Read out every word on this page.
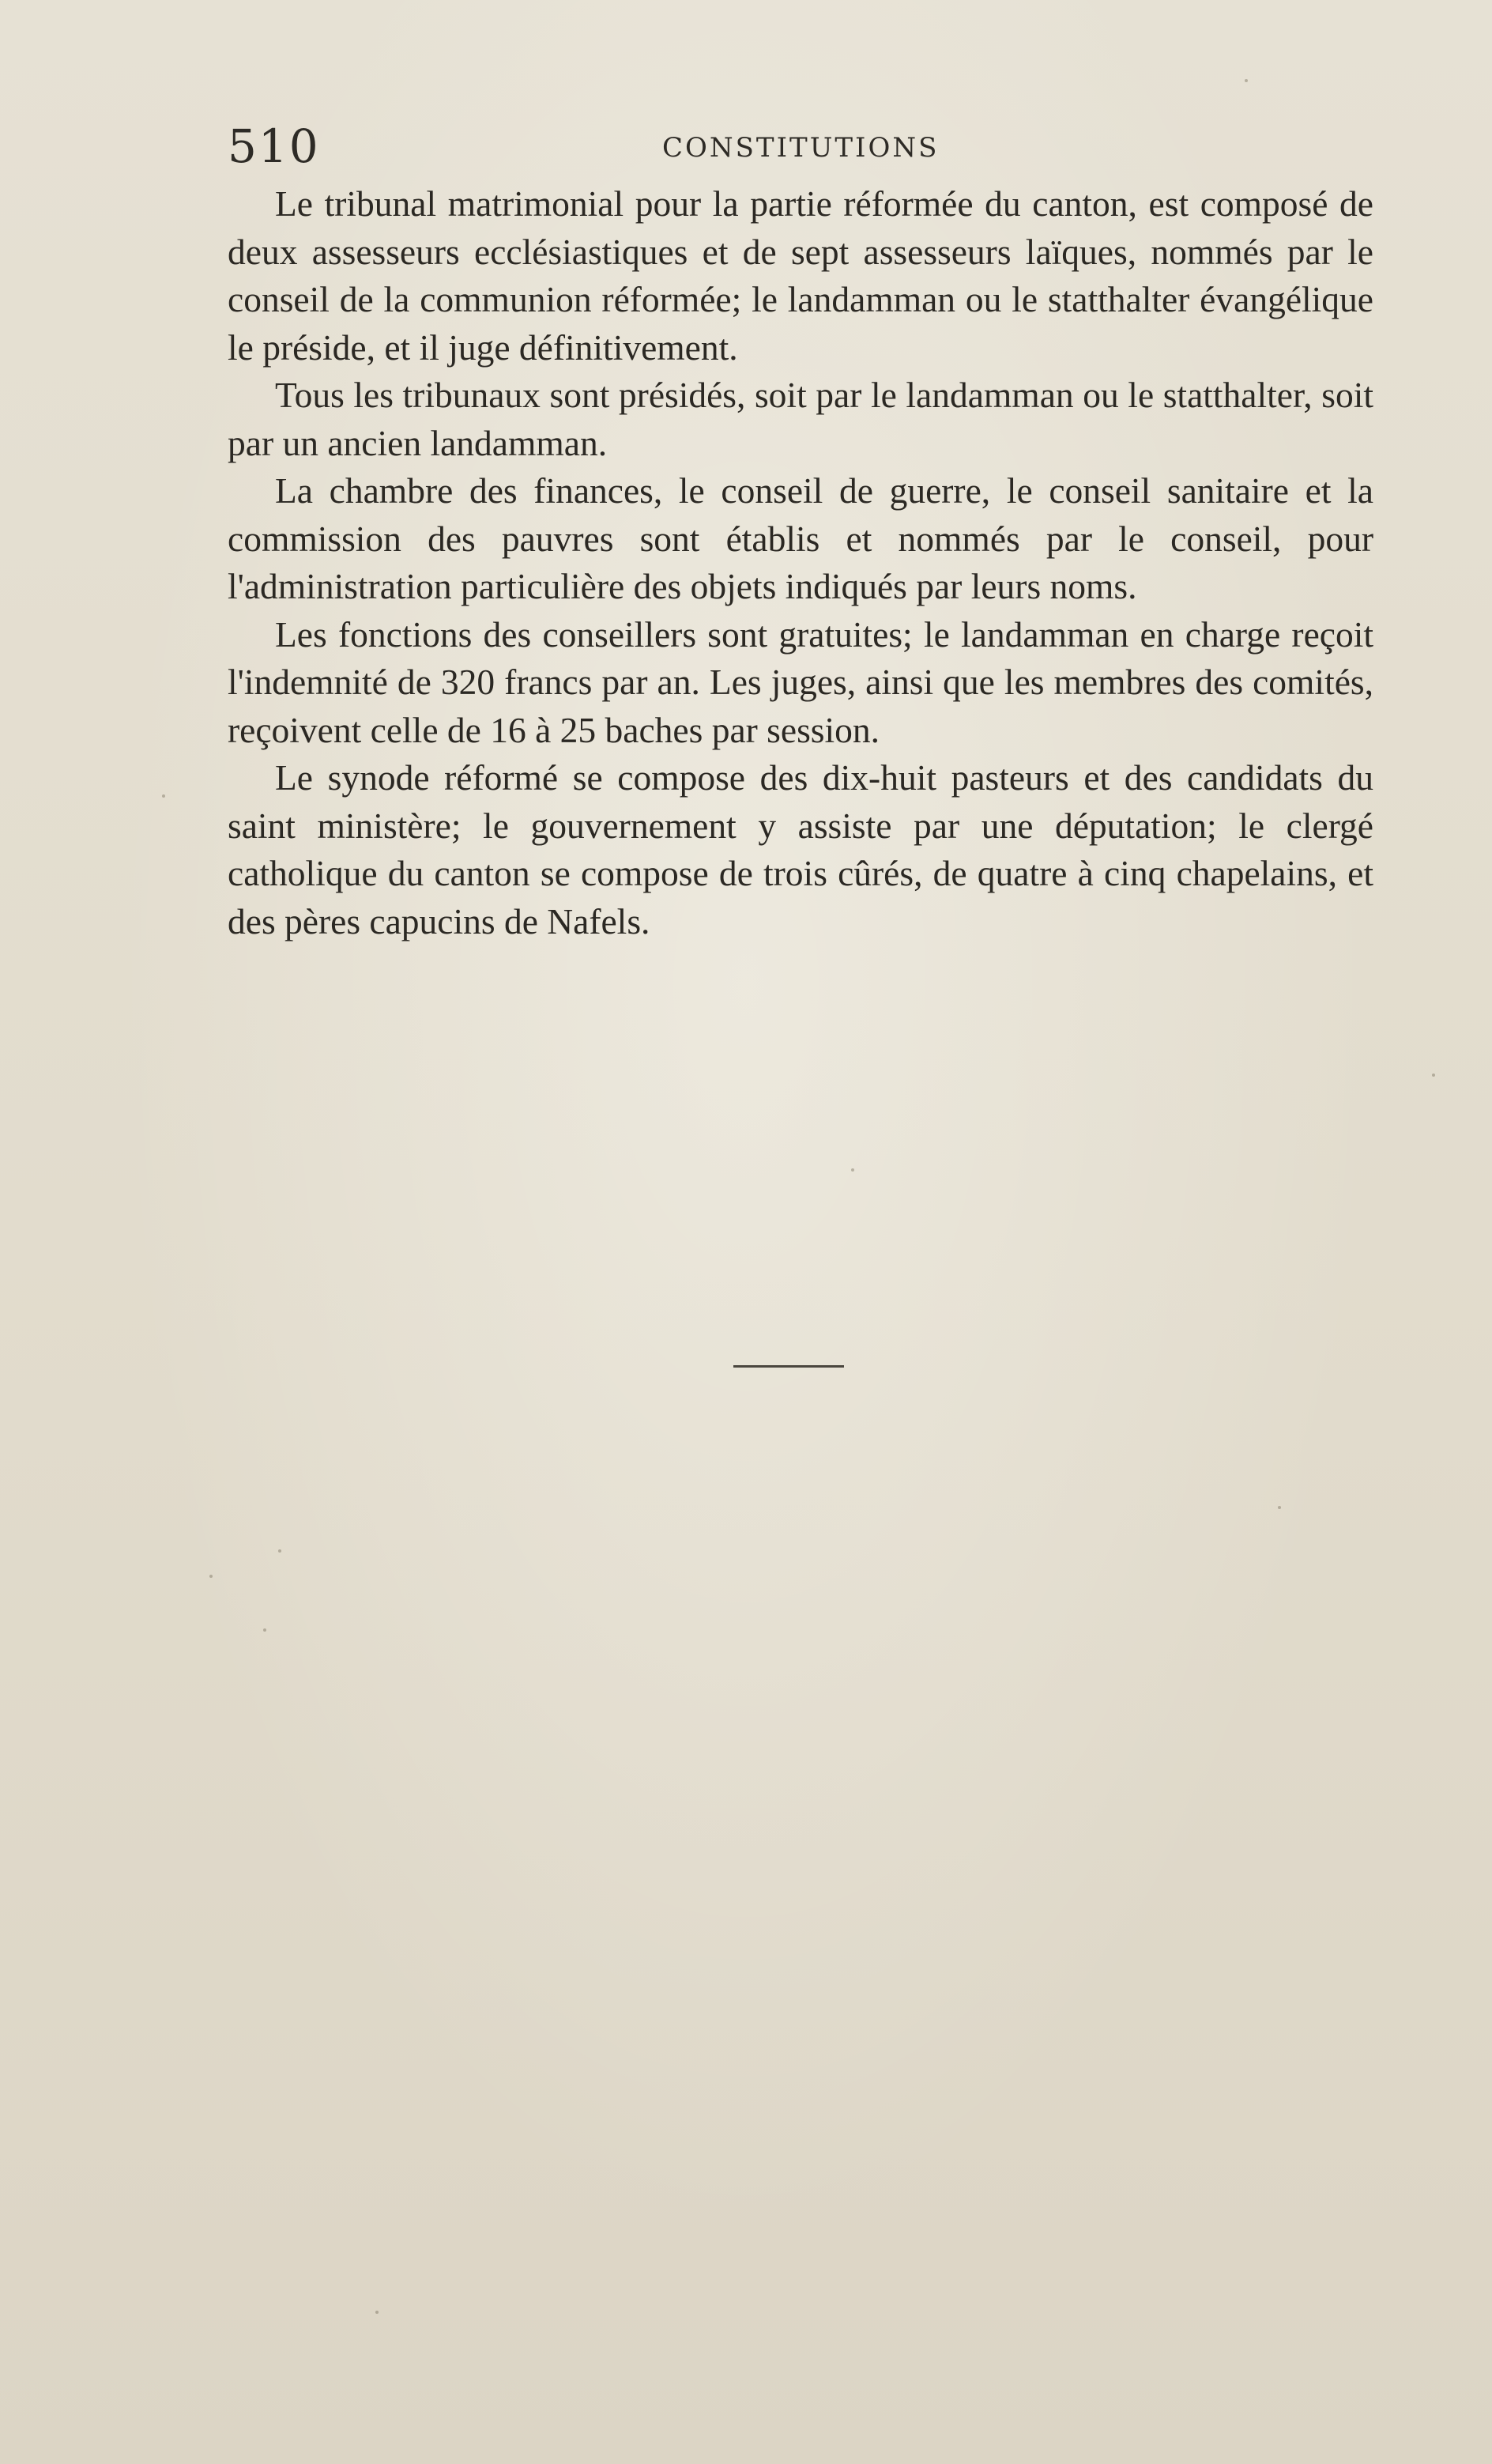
510	CONSTITUTIONS

Le tribunal matrimonial pour la partie réformée du canton, est composé de deux assesseurs ecclésiastiques et de sept assesseurs laïques, nommés par le conseil de la communion réformée; le landamman ou le statthalter évangélique le préside, et il juge définitivement.

Tous les tribunaux sont présidés, soit par le landamman ou le statthalter, soit par un ancien landamman.

La chambre des finances, le conseil de guerre, le conseil sanitaire et la commission des pauvres sont établis et nommés par le conseil, pour l'administration particulière des objets indiqués par leurs noms.

Les fonctions des conseillers sont gratuites; le landamman en charge reçoit l'indemnité de 320 francs par an. Les juges, ainsi que les membres des comités, reçoivent celle de 16 à 25 baches par session.

Le synode réformé se compose des dix-huit pasteurs et des candidats du saint ministère; le gouvernement y assiste par une députation; le clergé catholique du canton se compose de trois cûrés, de quatre à cinq chapelains, et des pères capucins de Nafels.
